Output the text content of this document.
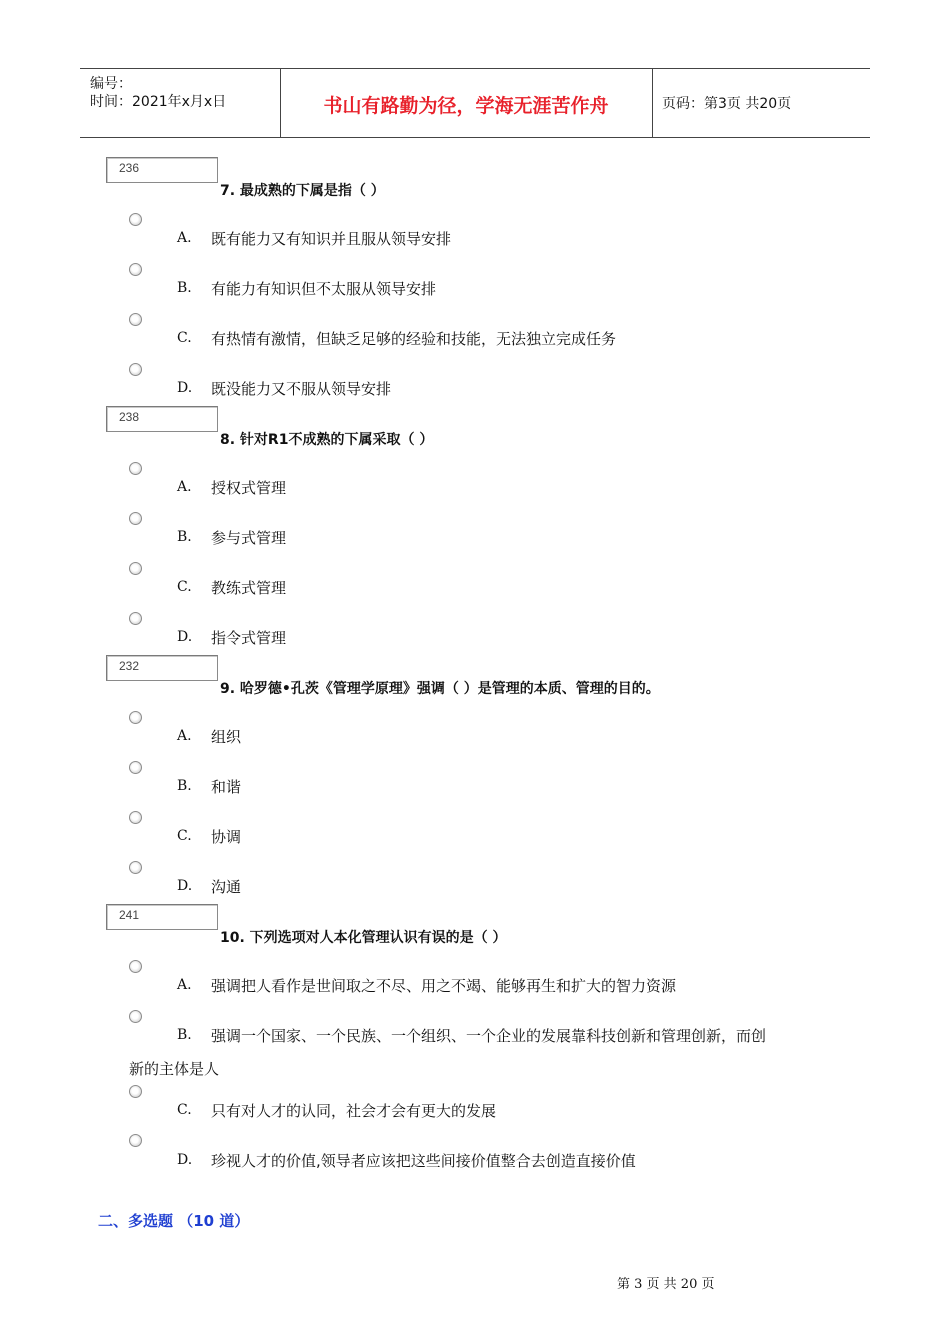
编号：
时间：2021年x月x日	书山有路勤为径，学海无涯苦作舟	页码：第3页 共20页
236
7. 最成熟的下属是指（ ）
A. 既有能力又有知识并且服从领导安排
B. 有能力有知识但不太服从领导安排
C. 有热情有激情，但缺乏足够的经验和技能，无法独立完成任务
D. 既没能力又不服从领导安排
238
8. 针对R1不成熟的下属采取（ ）
A. 授权式管理
B. 参与式管理
C. 教练式管理
D. 指令式管理
232
9. 哈罗德•孔茨《管理学原理》强调（ ）是管理的本质、管理的目的。
A. 组织
B. 和谐
C. 协调
D. 沟通
241
10. 下列选项对人本化管理认识有误的是（ ）
A. 强调把人看作是世间取之不尽、用之不竭、能够再生和扩大的智力资源
B. 强调一个国家、一个民族、一个组织、一个企业的发展靠科技创新和管理创新，而创
新的主体是人
C. 只有对人才的认同，社会才会有更大的发展
D. 珍视人才的价值,领导者应该把这些间接价值整合去创造直接价值
二、多选题 （10 道）
第 3 页 共 20 页
